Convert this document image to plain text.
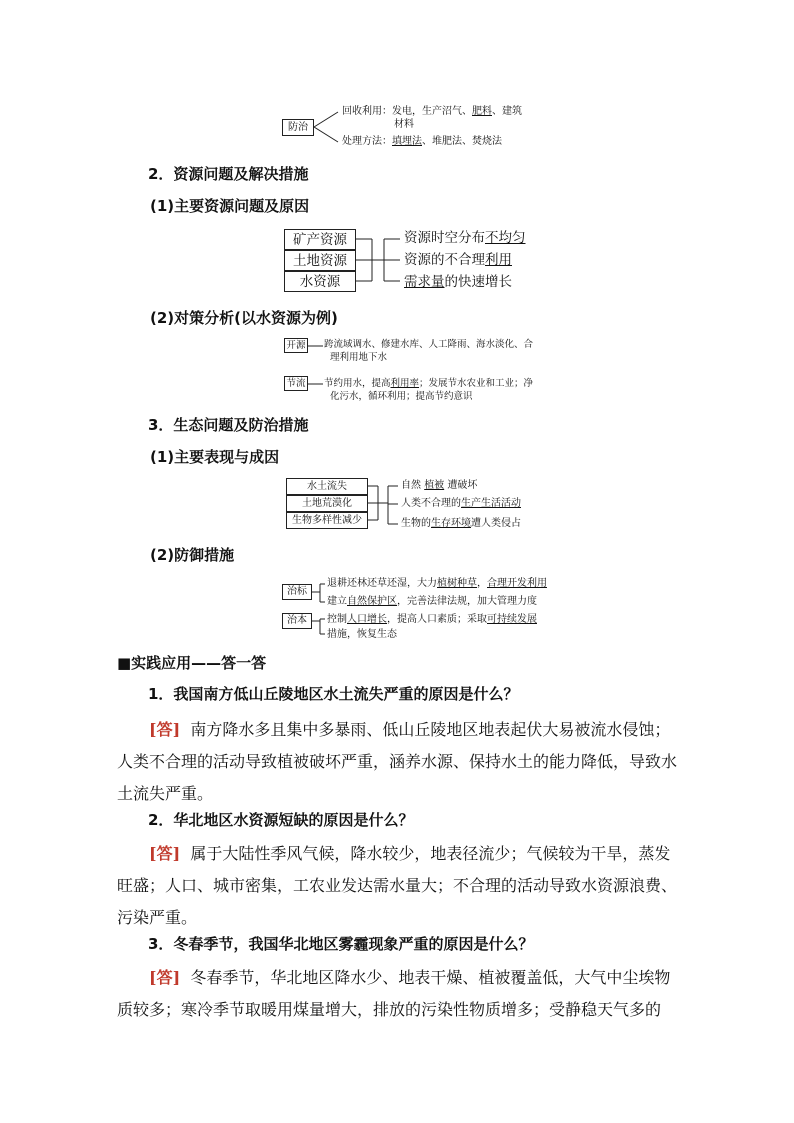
防治
回收利用：发电，生产沼气、肥料、建筑
材料
处理方法：填埋法、堆肥法、焚烧法
2．资源问题及解决措施
(1)主要资源问题及原因
矿产资源
土地资源
水资源
资源时空分布不均匀
资源的不合理利用
需求量的快速增长
(2)对策分析(以水资源为例)
开源 跨流域调水、修建水库、人工降雨、海水淡化、合
理利用地下水
节流 节约用水，提高利用率；发展节水农业和工业；净
化污水，循环利用；提高节约意识
3．生态问题及防治措施
(1)主要表现与成因
水土流失
土地荒漠化
生物多样性减少
自然 植被 遭破坏
人类不合理的生产生活活动
生物的生存环境遭人类侵占
(2)防御措施
治标
退耕还林还草还湿，大力植树种草，合理开发利用
建立自然保护区，完善法律法规，加大管理力度
治本	控制人口增长，提高人口素质；采取可持续发展
措施，恢复生态
■实践应用——答一答
1．我国南方低山丘陵地区水土流失严重的原因是什么？
[答] 南方降水多且集中多暴雨、低山丘陵地区地表起伏大易被流水侵蚀；人类不合理的活动导致植被破坏严重，涵养水源、保持水土的能力降低，导致水土流失严重。
2．华北地区水资源短缺的原因是什么？
[答] 属于大陆性季风气候，降水较少，地表径流少；气候较为干旱，蒸发旺盛；人口、城市密集，工农业发达需水量大；不合理的活动导致水资源浪费、污染严重。
3．冬春季节，我国华北地区雾霾现象严重的原因是什么？
[答] 冬春季节，华北地区降水少、地表干燥、植被覆盖低，大气中尘埃物质较多；寒冷季节取暖用煤量增大，排放的污染性物质增多；受静稳天气多的
